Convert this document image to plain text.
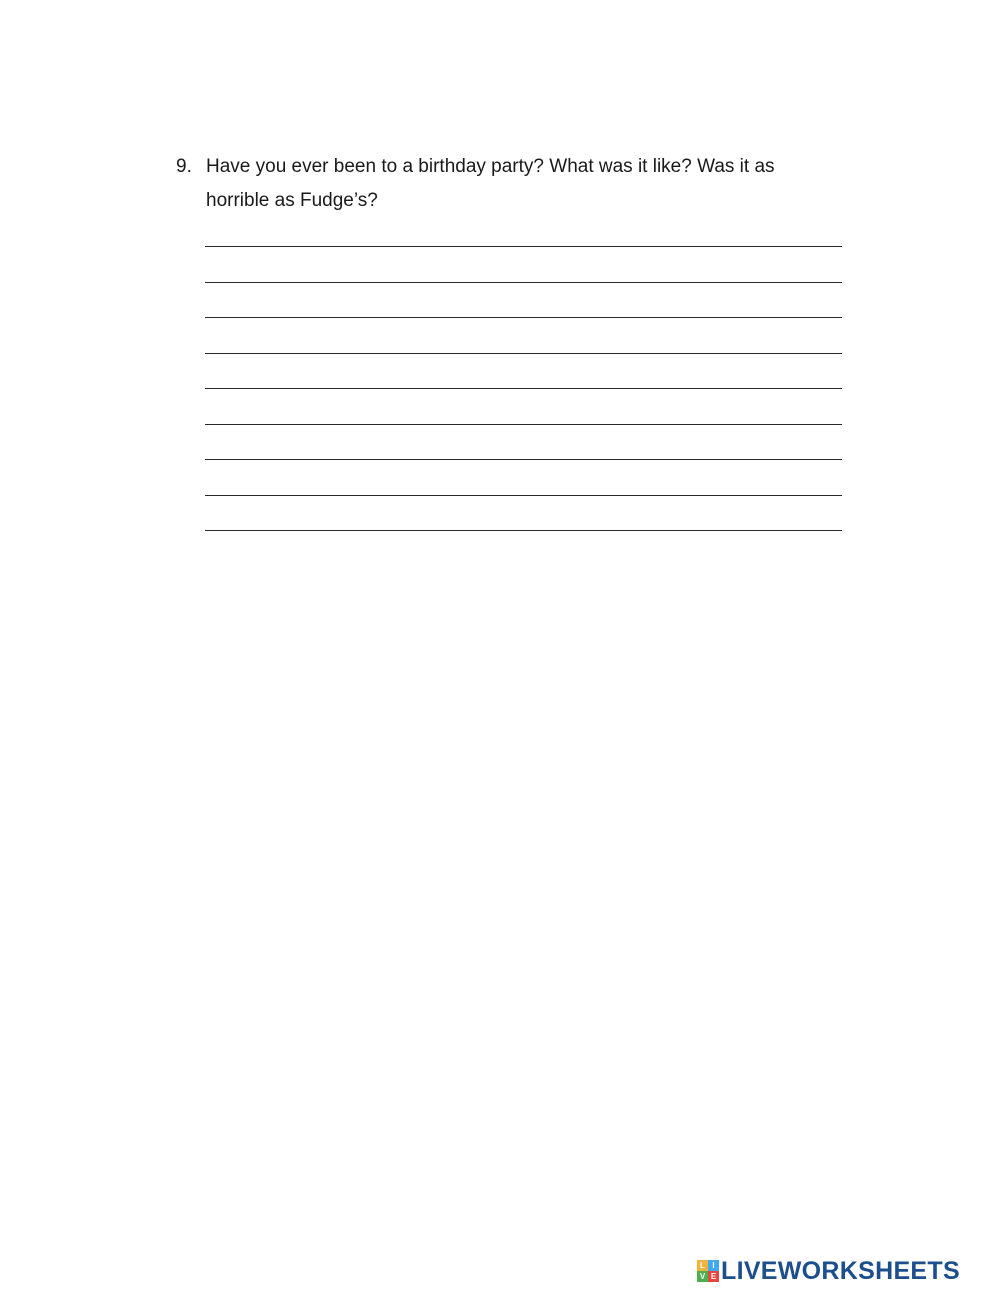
9. Have you ever been to a birthday party? What was it like? Was it as
horrible as Fudge’s?
L I
V E LIVEWORKSHEETS
